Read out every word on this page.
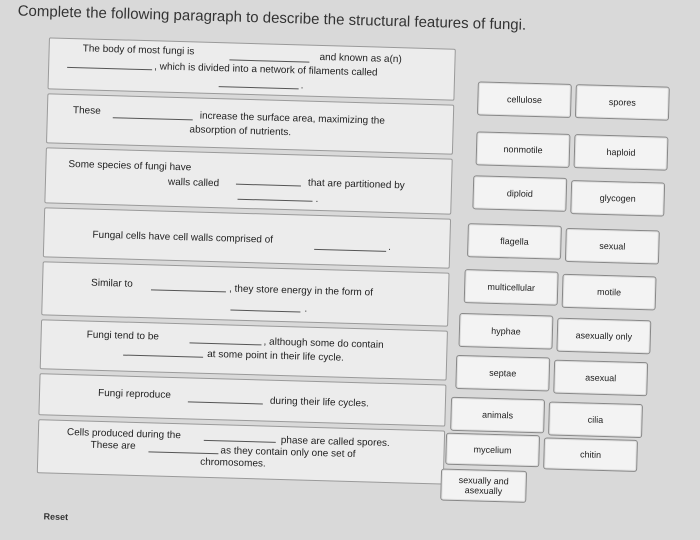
Complete the following paragraph to describe the structural features of fungi.
The body of most fungi is
and known as a(n)
, which is divided into a network of filaments called
.
These	increase the surface area, maximizing the
absorption of nutrients.
Some species of fungi have
that are partitioned by
walls called
.
Fungal cells have cell walls comprised of
.
Similar to	, they store energy in the form of
.
Fungi tend to be
, although some do contain
at some point in their life cycle.
Fungi reproduce
during their life cycles.
Cells produced during the
phase are called spores.
These are	as they contain only one set of
chromosomes.
cellulose	spores
nonmotile	haploid
diploid	glycogen
flagella	sexual
multicellular	motile
hyphae	asexually only
septae	asexual
animals	cilia
mycelium	chitin
sexually and asexually
Reset
